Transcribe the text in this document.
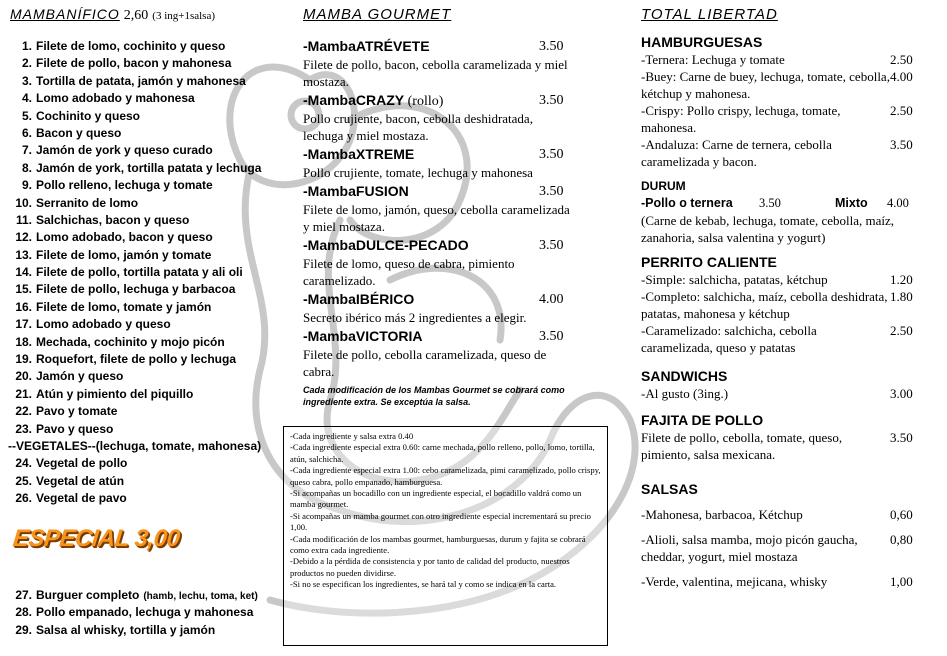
MAMBANÍFICO 2,60 (3 ing+1salsa)
1. Filete de lomo, cochinito y queso
2. Filete de pollo, bacon y mahonesa
3. Tortilla de patata, jamón y mahonesa
4. Lomo adobado y mahonesa
5. Cochinito y queso
6. Bacon y queso
7. Jamón de york y queso curado
8. Jamón de york, tortilla patata y lechuga
9. Pollo relleno, lechuga y tomate
10. Serranito de lomo
11. Salchichas, bacon y queso
12. Lomo adobado, bacon y queso
13. Filete de lomo, jamón y tomate
14. Filete de pollo, tortilla patata y ali oli
15. Filete de pollo, lechuga y barbacoa
16. Filete de lomo, tomate y jamón
17. Lomo adobado y queso
18. Mechada, cochinito y mojo picón
19. Roquefort, filete de pollo y lechuga
20. Jamón y queso
21. Atún y pimiento del piquillo
22. Pavo y tomate
23. Pavo y queso
--VEGETALES--(lechuga, tomate, mahonesa)
24. Vegetal de pollo
25. Vegetal de atún
26. Vegetal de pavo
ESPECIAL 3,00
27. Burguer completo (hamb, lechu, toma, ket)
28. Pollo empanado, lechuga y mahonesa
29. Salsa al whisky, tortilla y jamón
MAMBA GOURMET
-MambaATRÉVETE	3.50
Filete de pollo, bacon, cebolla caramelizada y miel mostaza.
-MambaCRAZY (rollo)	3.50
Pollo crujiente, bacon, cebolla deshidratada, lechuga y miel mostaza.
-MambaXTREME	3.50
Pollo crujiente, tomate, lechuga y mahonesa
-MambaFUSION	3.50
Filete de lomo, jamón, queso, cebolla caramelizada y miel mostaza.
-MambaDULCE-PECADO	3.50
Filete de lomo, queso de cabra, pimiento caramelizado.
-MambaIBÉRICO	4.00
Secreto ibérico más 2 ingredientes a elegir.
-MambaVICTORIA	3.50
Filete de pollo, cebolla caramelizada, queso de cabra.
Cada modificación de los Mambas Gourmet se cobrará como ingrediente extra. Se exceptúa la salsa.

-Cada ingrediente y salsa extra 0.40

-Cada ingrediente especial extra 0.60: carne mechada, pollo relleno, pollo, lomo, tortilla, atún, salchicha.

-Cada ingrediente especial extra 1.00: cebo caramelizada, pimi caramelizado, pollo crispy, queso cabra, pollo empanado, hamburguesa.

-Si acompañas un bocadillo con un ingrediente especial, el bocadillo valdrá como un mamba gourmet.

-Si acompañas un mamba gourmet con otro ingrediente especial incrementará su precio 1,00.

-Cada modificación de los mambas gourmet, hamburguesas, durum y fajita se cobrará como extra cada ingrediente.

-Debido a la pérdida de consistencia y por tanto de calidad del producto, nuestros productos no pueden dividirse.

-Si no se especifican los ingredientes, se hará tal y como se indica en la carta.

TOTAL LIBERTAD
HAMBURGUESAS
-Ternera: Lechuga y tomate	2.50
-Buey: Carne de buey, lechuga, tomate, cebolla, kétchup y mahonesa.
4.00
-Crispy: Pollo crispy, lechuga, tomate, mahonesa.
2.50
-Andaluza: Carne de ternera, cebolla caramelizada y bacon.
3.50
DURUM
-Pollo o ternera	3.50	Mixto	4.00
(Carne de kebab, lechuga, tomate, cebolla, maíz, zanahoria, salsa valentina y yogurt)
PERRITO CALIENTE
-Simple: salchicha, patatas, kétchup	1.20
-Completo: salchicha, maíz, cebolla deshidrata, patatas, mahonesa y kétchup
1.80
-Caramelizado: salchicha, cebolla caramelizada, queso y patatas
2.50
SANDWICHS
-Al gusto (3ing.)	3.00
FAJITA DE POLLO
Filete de pollo, cebolla, tomate, queso, pimiento, salsa mexicana.
3.50
SALSAS
-Mahonesa, barbacoa, Kétchup	0,60
-Alioli, salsa mamba, mojo picón gaucha, cheddar, yogurt, miel mostaza
0,80
-Verde, valentina, mejicana, whisky	1,00
